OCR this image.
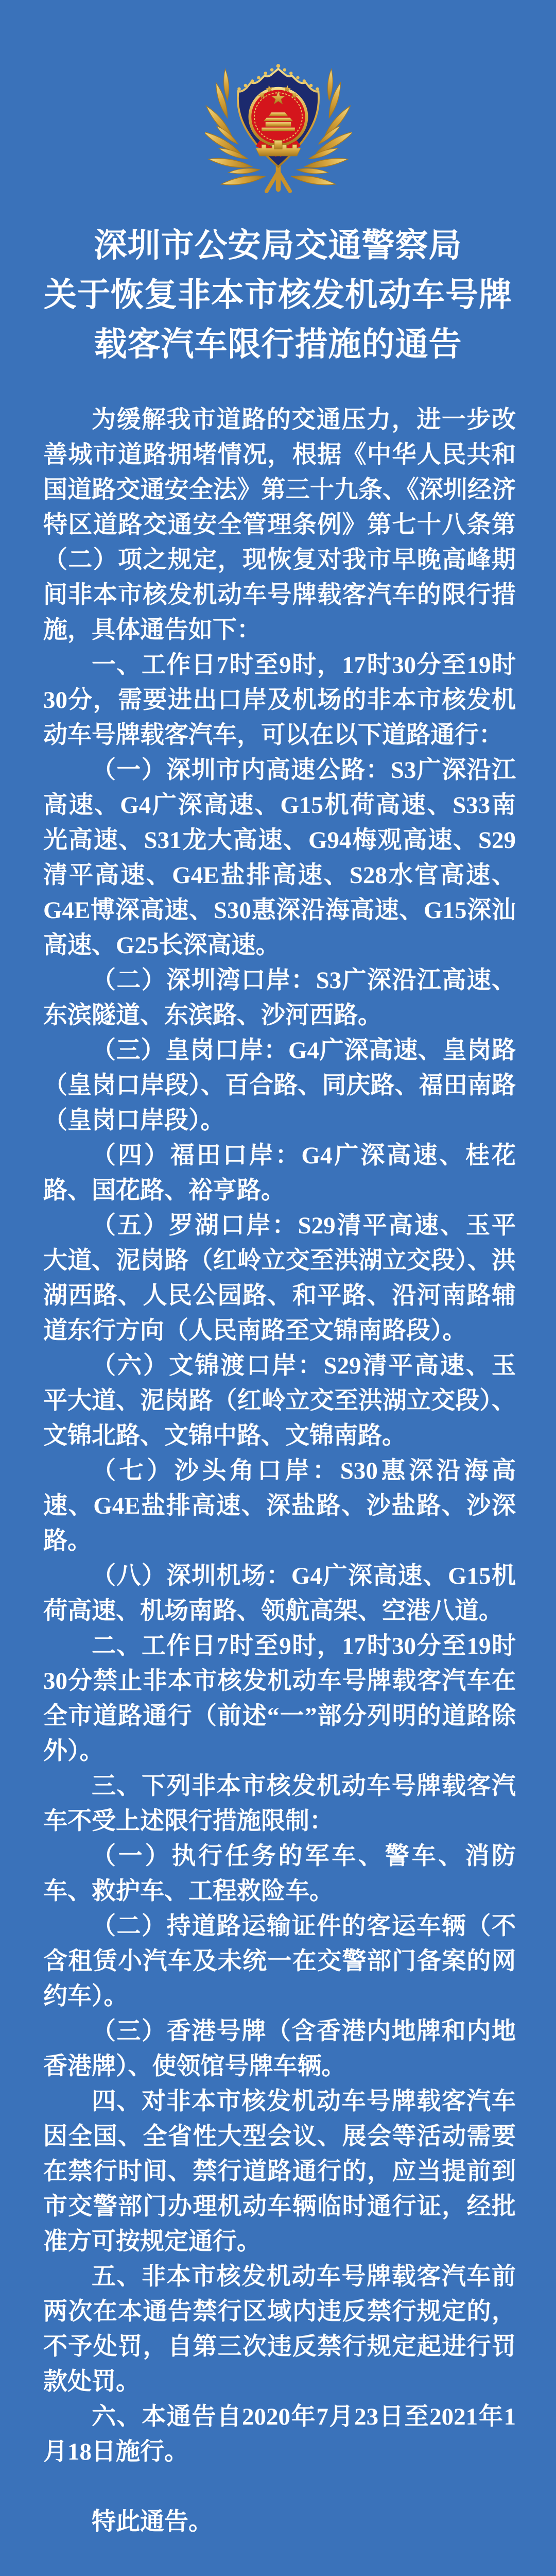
深圳市公安局交通警察局
关于恢复非本市核发机动车号牌
载客汽车限行措施的通告

为缓解我市道路的交通压力，进一步改善城市道路拥堵情况，根据《中华人民共和国道路交通安全法》第三十九条、《深圳经济特区道路交通安全管理条例》第七十八条第（二）项之规定，现恢复对我市早晚高峰期间非本市核发机动车号牌载客汽车的限行措施，具体通告如下：

一、工作日7时至9时，17时30分至19时30分，需要进出口岸及机场的非本市核发机动车号牌载客汽车，可以在以下道路通行：

（一）深圳市内高速公路：S3广深沿江高速、G4广深高速、G15机荷高速、S33南光高速、S31龙大高速、G94梅观高速、S29清平高速、G4E盐排高速、S28水官高速、G4E博深高速、S30惠深沿海高速、G15深汕高速、G25长深高速。

（二）深圳湾口岸：S3广深沿江高速、东滨隧道、东滨路、沙河西路。

（三）皇岗口岸：G4广深高速、皇岗路（皇岗口岸段）、百合路、同庆路、福田南路（皇岗口岸段）。

（四）福田口岸：G4广深高速、桂花路、国花路、裕亨路。

（五）罗湖口岸：S29清平高速、玉平大道、泥岗路（红岭立交至洪湖立交段）、洪湖西路、人民公园路、和平路、沿河南路辅道东行方向（人民南路至文锦南路段）。

（六）文锦渡口岸：S29清平高速、玉平大道、泥岗路（红岭立交至洪湖立交段）、文锦北路、文锦中路、文锦南路。

（七）沙头角口岸：S30惠深沿海高速、G4E盐排高速、深盐路、沙盐路、沙深路。

（八）深圳机场：G4广深高速、G15机荷高速、机场南路、领航高架、空港八道。

二、工作日7时至9时，17时30分至19时30分禁止非本市核发机动车号牌载客汽车在全市道路通行（前述“一”部分列明的道路除外）。

三、下列非本市核发机动车号牌载客汽车不受上述限行措施限制：

（一）执行任务的军车、警车、消防车、救护车、工程救险车。

（二）持道路运输证件的客运车辆（不含租赁小汽车及未统一在交警部门备案的网约车）。

（三）香港号牌（含香港内地牌和内地香港牌）、使领馆号牌车辆。

四、对非本市核发机动车号牌载客汽车因全国、全省性大型会议、展会等活动需要在禁行时间、禁行道路通行的，应当提前到市交警部门办理机动车辆临时通行证，经批准方可按规定通行。

五、非本市核发机动车号牌载客汽车前两次在本通告禁行区域内违反禁行规定的，不予处罚，自第三次违反禁行规定起进行罚款处罚。

六、本通告自2020年7月23日至2021年1月18日施行。

特此通告。
